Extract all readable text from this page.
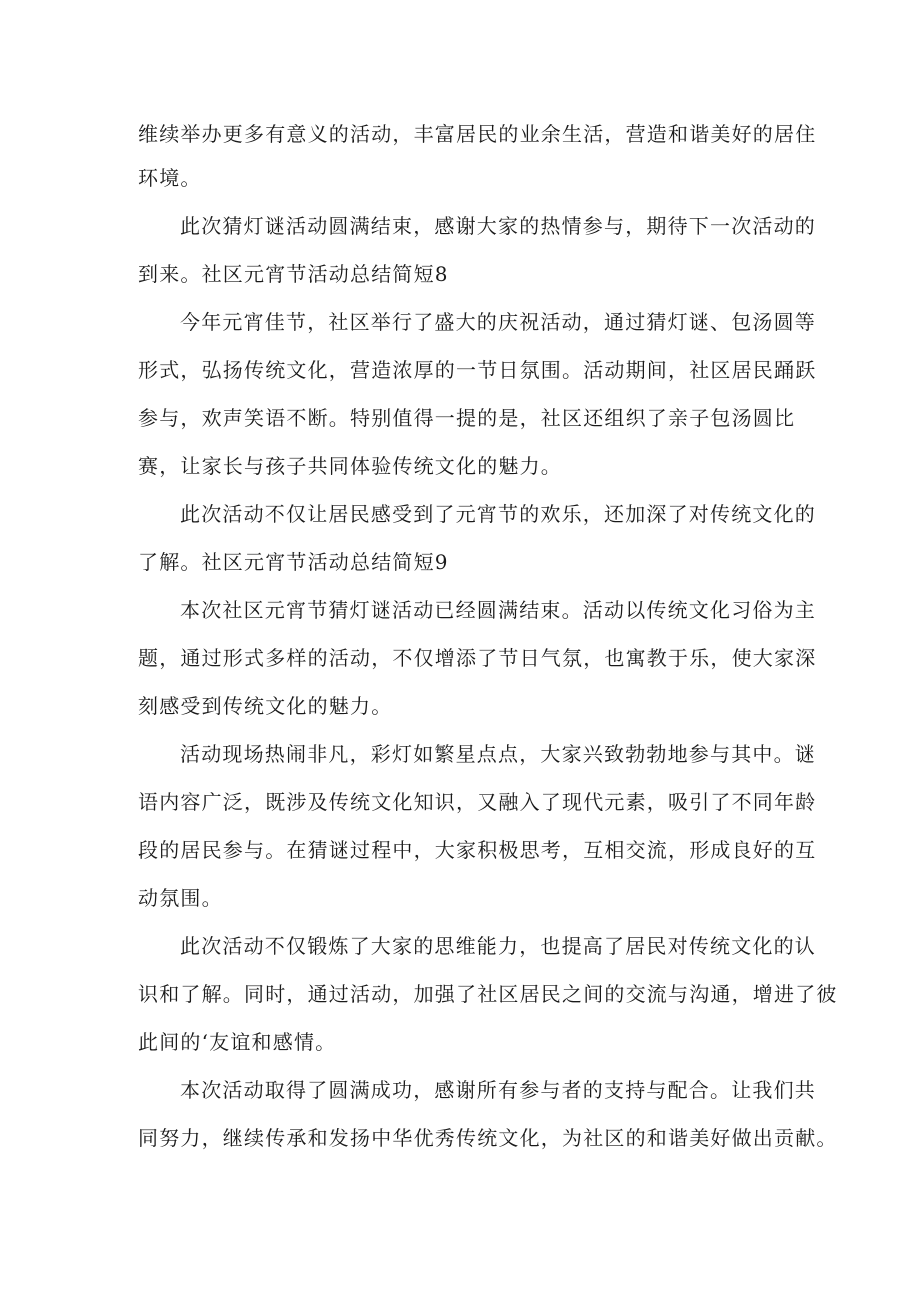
维续举办更多有意义的活动，丰富居民的业余生活，营造和谐美好的居住
环境。
此次猜灯谜活动圆满结束，感谢大家的热情参与，期待下一次活动的
到来。社区元宵节活动总结简短8
今年元宵佳节，社区举行了盛大的庆祝活动，通过猜灯谜、包汤圆等
形式，弘扬传统文化，营造浓厚的一节日氛围。活动期间，社区居民踊跃
参与，欢声笑语不断。特别值得一提的是，社区还组织了亲子包汤圆比
赛，让家长与孩子共同体验传统文化的魅力。
此次活动不仅让居民感受到了元宵节的欢乐，还加深了对传统文化的
了解。社区元宵节活动总结简短9
本次社区元宵节猜灯谜活动已经圆满结束。活动以传统文化习俗为主
题，通过形式多样的活动，不仅增添了节日气氛，也寓教于乐，使大家深
刻感受到传统文化的魅力。
活动现场热闹非凡，彩灯如繁星点点，大家兴致勃勃地参与其中。谜
语内容广泛，既涉及传统文化知识，又融入了现代元素，吸引了不同年龄
段的居民参与。在猜谜过程中，大家积极思考，互相交流，形成良好的互
动氛围。
此次活动不仅锻炼了大家的思维能力，也提高了居民对传统文化的认
识和了解。同时，通过活动，加强了社区居民之间的交流与沟通，增进了彼
此间的‘友谊和感情。
本次活动取得了圆满成功，感谢所有参与者的支持与配合。让我们共
同努力，继续传承和发扬中华优秀传统文化，为社区的和谐美好做出贡献。
